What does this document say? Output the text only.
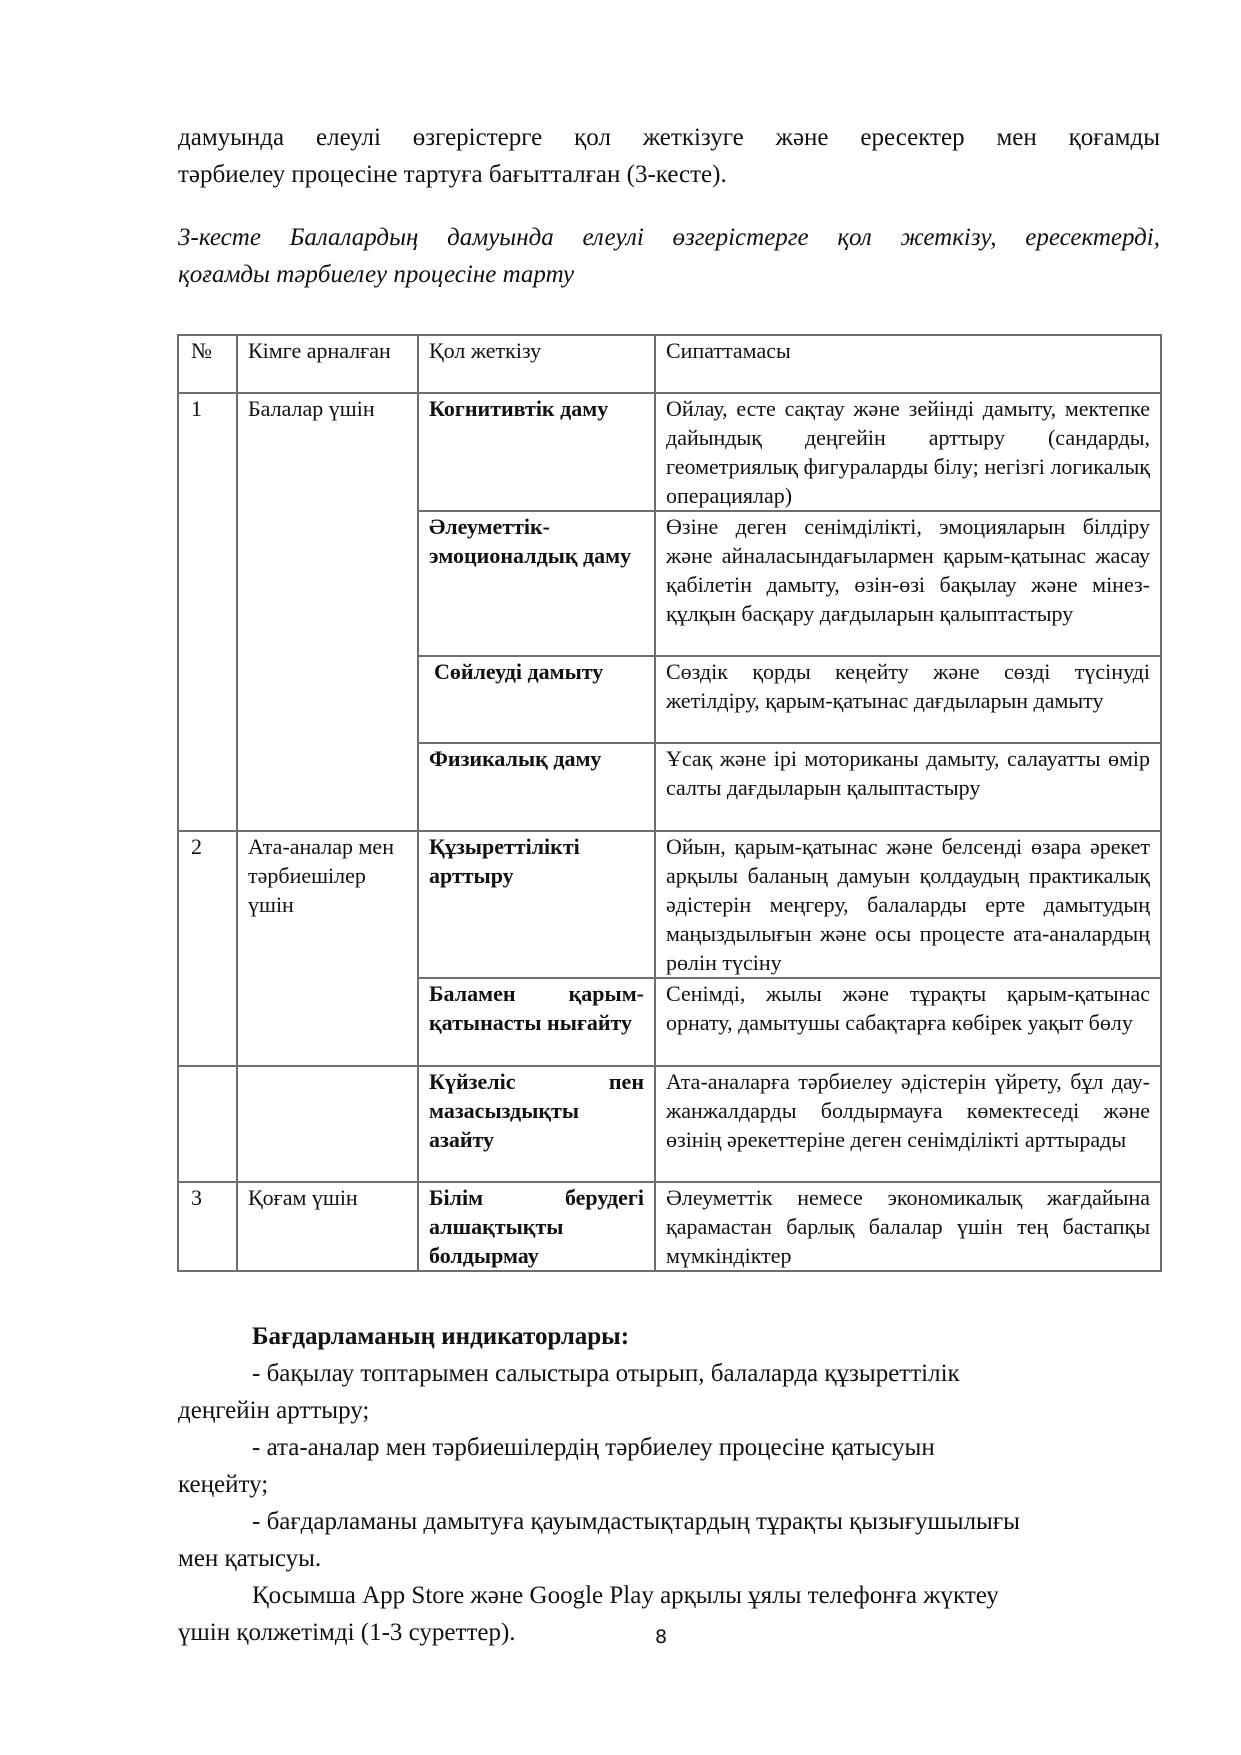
дамуында елеулі өзгерістерге қол жеткізуге және ересектер мен қоғамды
тәрбиелеу процесіне тартуға бағытталған (3-кесте).
3-кесте Балалардың дамуында елеулі өзгерістерге қол жеткізу, ересектерді,
қоғамды тәрбиелеу процесіне тарту
№	Кімге арналған	Қол жеткізу	Сипаттамасы
1	Балалар үшін	Когнитивтік даму	Ойлау, есте сақтау және зейінді дамыту, мектепке дайындық деңгейін арттыру (сандарды, геометриялық фигураларды білу; негізгі логикалық операциялар)
		Әлеуметтік-эмоционалдық даму	Өзіне деген сенімділікті, эмоцияларын білдіру және айналасындағылармен қарым-қатынас жасау қабілетін дамыту, өзін-өзі бақылау және мінез-құлқын басқару дағдыларын қалыптастыру
		Сөйлеуді дамыту	Сөздік қорды кеңейту және сөзді түсінуді жетілдіру, қарым-қатынас дағдыларын дамыту
		Физикалық даму	Ұсақ және ірі моториканы дамыту, салауатты өмір салты дағдыларын қалыптастыру
2	Ата-аналар мен тәрбиешілер үшін	Құзыреттілікті арттыру	Ойын, қарым-қатынас және белсенді өзара әрекет арқылы баланың дамуын қолдаудың практикалық әдістерін меңгеру, балаларды ерте дамытудың маңыздылығын және осы процесте ата-аналардың рөлін түсіну
		Баламен қарым-қатынасты нығайту	Сенімді, жылы және тұрақты қарым-қатынас орнату, дамытушы сабақтарға көбірек уақыт бөлу
		Күйзеліс пен мазасыздықты азайту	Ата-аналарға тәрбиелеу әдістерін үйрету, бұл дау-жанжалдарды болдырмауға көмектеседі және өзінің әрекеттеріне деген сенімділікті арттырады
3	Қоғам үшін	Білім берудегі алшақтықты болдырмау	Әлеуметтік немесе экономикалық жағдайына қарамастан барлық балалар үшін тең бастапқы мүмкіндіктер
Бағдарламаның индикаторлары:
- бақылау топтарымен салыстыра отырып, балаларда құзыреттілік
деңгейін арттыру;
- ата-аналар мен тәрбиешілердің тәрбиелеу процесіне қатысуын
кеңейту;
- бағдарламаны дамытуға қауымдастықтардың тұрақты қызығушылығы
мен қатысуы.
Қосымша App Store және Google Play арқылы ұялы телефонға жүктеу
үшін қолжетімді (1-3 суреттер).	8
